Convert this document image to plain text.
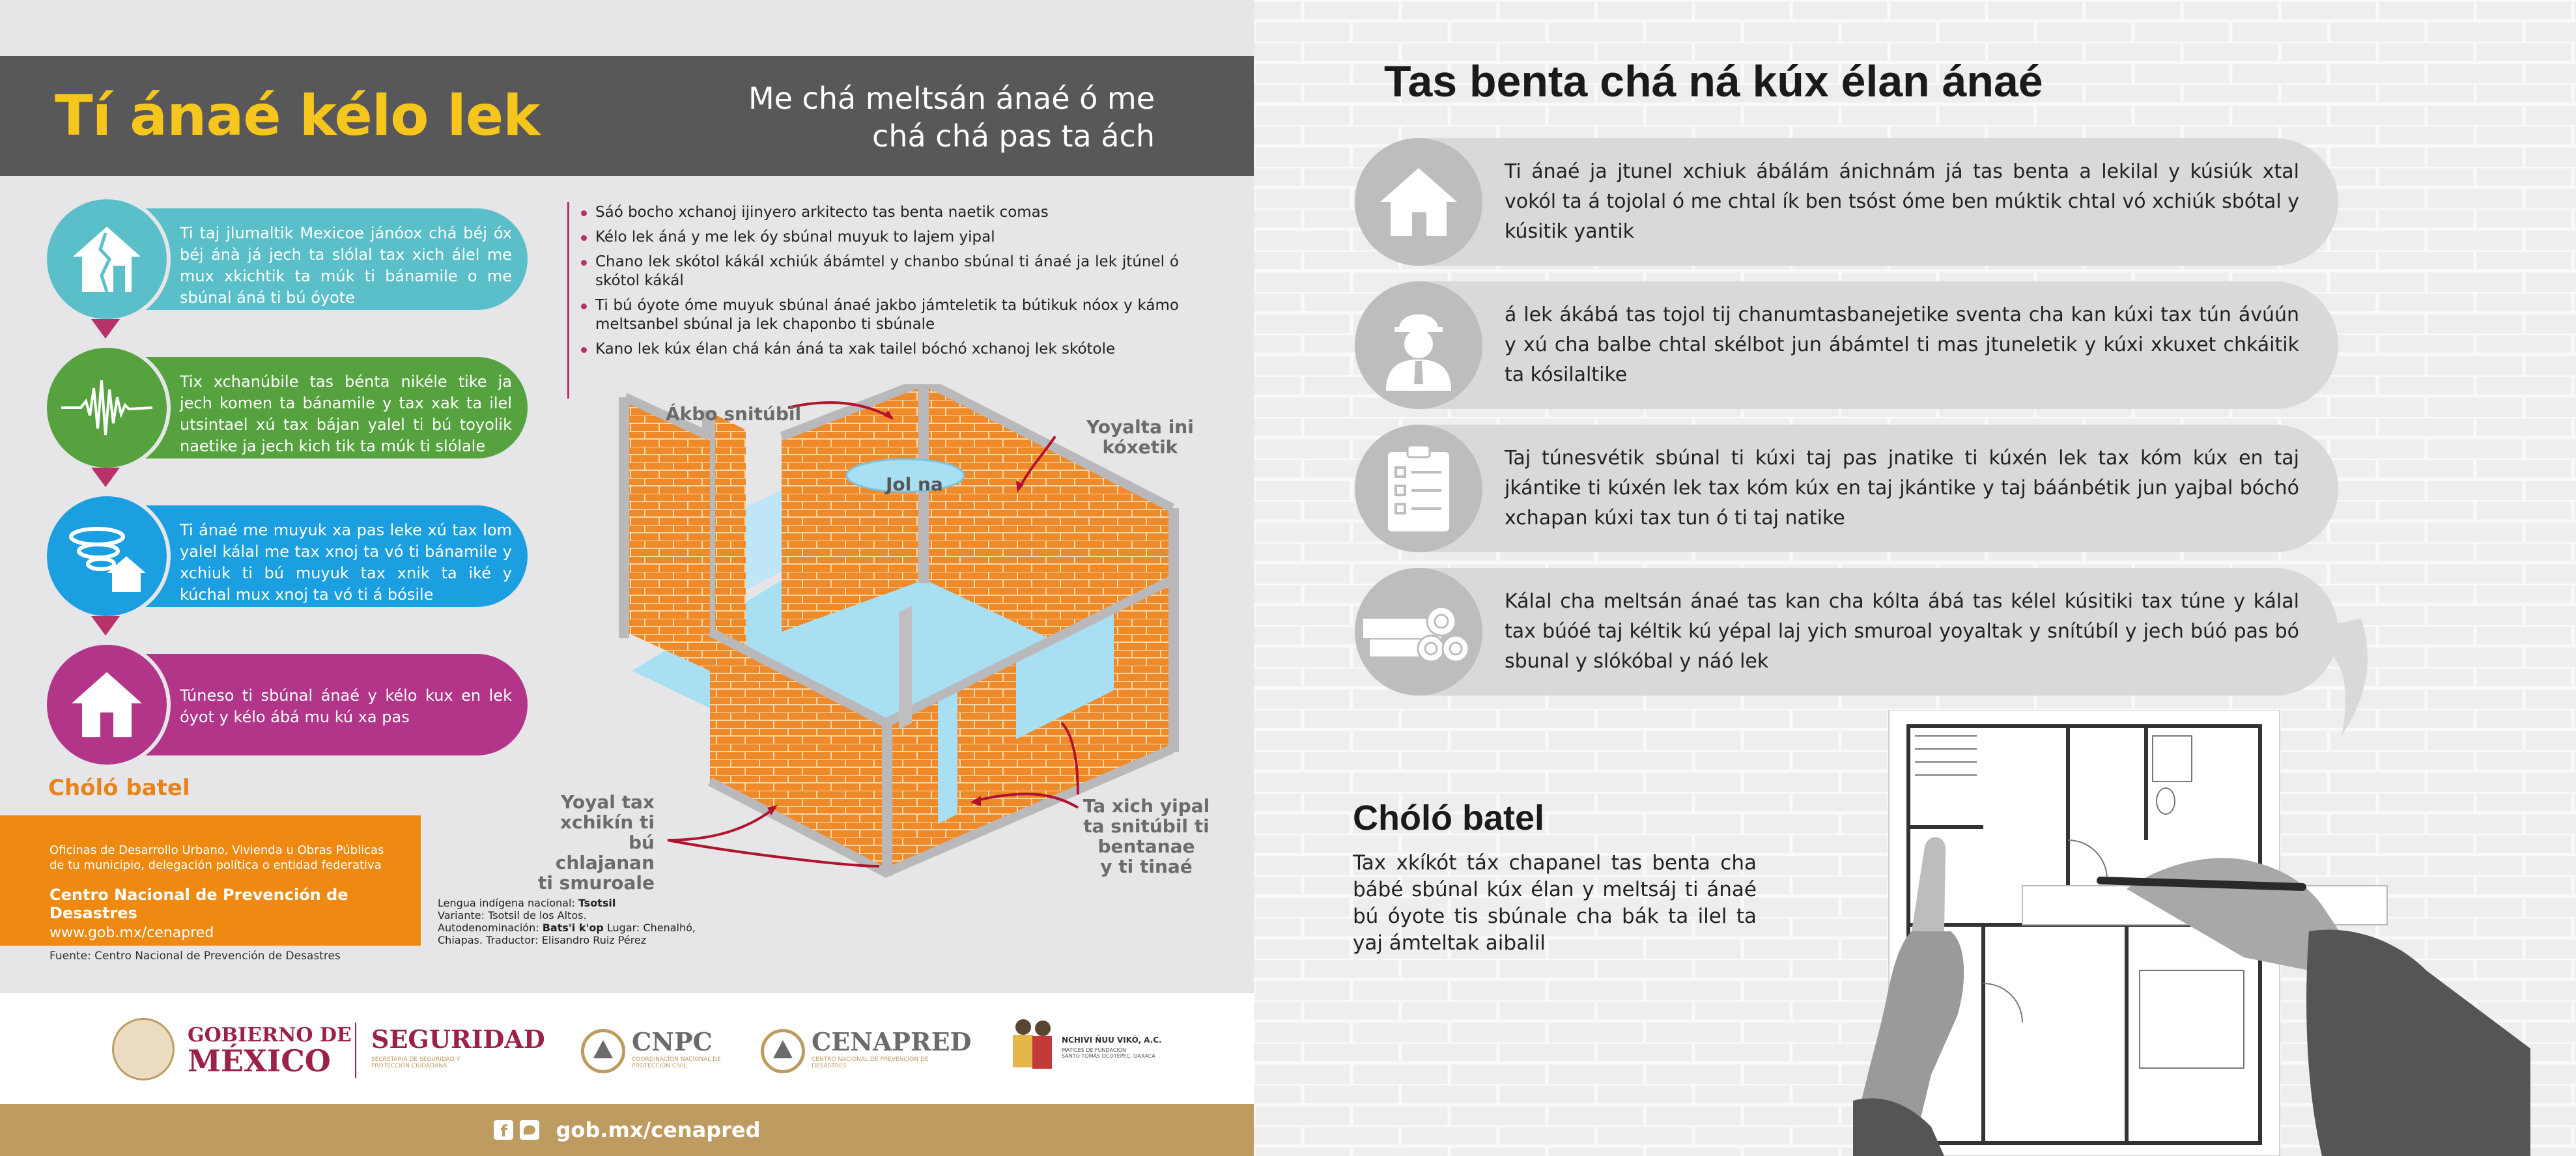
Tí ánaé kélo lek	Me chá meltsán ánaé ó me
chá chá pas ta ách
Ti taj jlumaltik Mexicoe jánóox chá béj óx béj ánà já jech ta slólal tax xich álel me mux xkichtik ta múk ti bánamile o me sbúnal áná ti bú óyote
Tix xchanúbile tas bénta nikéle tike ja jech komen ta bánamile y tax xak ta ilel utsintael xú tax bájan yalel ti bú toyolik naetike ja jech kich tik ta múk ti slólale
Ti ánaé me muyuk xa pas leke xú tax lom yalel kálal me tax xnoj ta vó ti bánamile y xchiuk ti bú muyuk tax xnik ta iké y kúchal mux xnoj ta vó ti á bósile
Túneso ti sbúnal ánaé y kélo kux en lek óyot y kélo ábá mu kú xa pas
Sáó bocho xchanoj ijinyero arkitecto tas benta naetik comas
Kélo lek áná y me lek óy sbúnal muyuk to lajem yipal
Chano lek skótol kákál xchiúk ábámtel y chanbo sbúnal ti ánaé ja lek jtúnel ó skótol kákál
Ti bú óyote óme muyuk sbúnal ánaé jakbo jámteletik ta bútikuk nóox y kámo meltsanbel sbúnal ja lek chaponbo ti sbúnale
Kano lek kúx élan chá kán áná ta xak tailel bóchó xchanoj lek skótole
Ákbo snitúbil
Jol na
Yoyalta ini
kóxetik
Yoyal tax
xchikín ti
bú chlajanan
ti smuroale
Ta xich yipal
ta snitúbil ti
bentanae
y ti tinaé
Chóló batel
Oficinas de Desarrollo Urbano, Vivienda u Obras Públicas de tu municipio, delegación política o entidad federativa
Centro Nacional de Prevención de Desastres
www.gob.mx/cenapred
Fuente: Centro Nacional de Prevención de Desastres
Lengua indígena nacional: Tsotsil
Variante: Tsotsil de los Altos.
Autodenominación: Bats'i k'op Lugar: Chenalhó,
Chiapas. Traductor: Elisandro Ruiz Pérez
GOBIERNO DE
MÉXICO
SEGURIDAD
SECRETARÍA DE SEGURIDAD Y PROTECCIÓN CIUDADANA
CNPC
COORDINACIÓN NACIONAL DE PROTECCIÓN CIVIL
CENAPRED
CENTRO NACIONAL DE PREVENCIÓN DE DESASTRES
NCHIVI ÑUU VIKÓ, A.C.
MATICES DE FUNDACIÓN
SANTO TOMÁS OCOTEPEC, OAXACA
f gob.mx/cenapred
Tas benta chá ná kúx élan ánaé
Ti ánaé ja jtunel xchiuk ábálám ánichnám já tas benta a lekilal y kúsiúk xtal vokól ta á tojolal ó me chtal ík ben tsóst óme ben múktik chtal vó xchiúk sbótal y kúsitik yantik
á lek ákábá tas tojol tij chanumtasbanejetike sventa cha kan kúxi tax tún ávúún y xú cha balbe chtal skélbot jun ábámtel ti mas jtuneletik y kúxi xkuxet chkáitik ta kósilaltike
Taj túnesvétik sbúnal ti kúxi taj pas jnatike ti kúxén lek tax kóm kúx en taj jkántike ti kúxén lek tax kóm kúx en taj jkántike y taj báánbétik jun yajbal bóchó xchapan kúxi tax tun ó ti taj natike
Kálal cha meltsán ánaé tas kan cha kólta ábá tas kélel kúsitiki tax túne y kálal tax búóé taj kéltik kú yépal laj yich smuroal yoyaltak y snítúbíl y jech búó pas bó sbunal y slókóbal y náó lek
Chóló batel
Tax xkíkót táx chapanel tas benta cha bábé sbúnal kúx élan y meltsáj ti ánaé bú óyote tis sbúnale cha bák ta ilel ta yaj ámteltak aibalil
